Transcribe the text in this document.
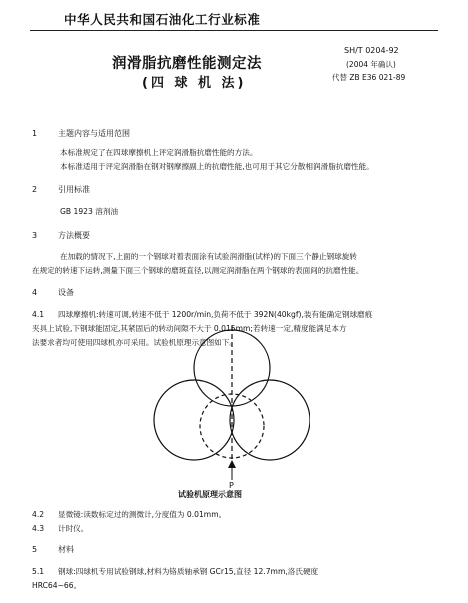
中华人民共和国石油化工行业标准
润滑脂抗磨性能测定法
(四 球 机 法)
SH/T 0204-92
(2004 年确认)
代替 ZB E36 021-89
1	主题内容与适用范围
本标准规定了在四球摩擦机上评定润滑脂抗磨性能的方法。
本标准适用于评定润滑脂在钢对钢摩擦副上的抗磨性能,也可用于其它分散相润滑脂抗磨性能。
2	引用标准
GB 1923 溶剂油
3	方法概要
在加载的情况下,上面的一个钢球对着表面涂有试验润滑脂(试样)的下面三个静止钢球旋转
在规定的转速下运转,测量下面三个钢球的磨斑直径,以测定润滑脂在两个钢球的表面间的抗磨性能。
4	设备
4.1 四球摩擦机:转速可调,转速不低于 1200r/min,负荷不低于 392N(40kgf),装有能确定钢球磨痕
夹具上试验,下钢球能固定,其紧固后的转动间隙不大于 0.015mm;若转速一定,精度能满足本方
法要求者均可使用四球机亦可采用。试验机原理示意图如下。
P
试验机原理示意图
4.2 显微镜:读数标定过的测微计,分度值为 0.01mm。
4.3 计时仪。
5	材料
5.1 钢球:四球机专用试验钢球,材料为铬质轴承钢 GCr15,直径 12.7mm,洛氏硬度
HRC64~66。
